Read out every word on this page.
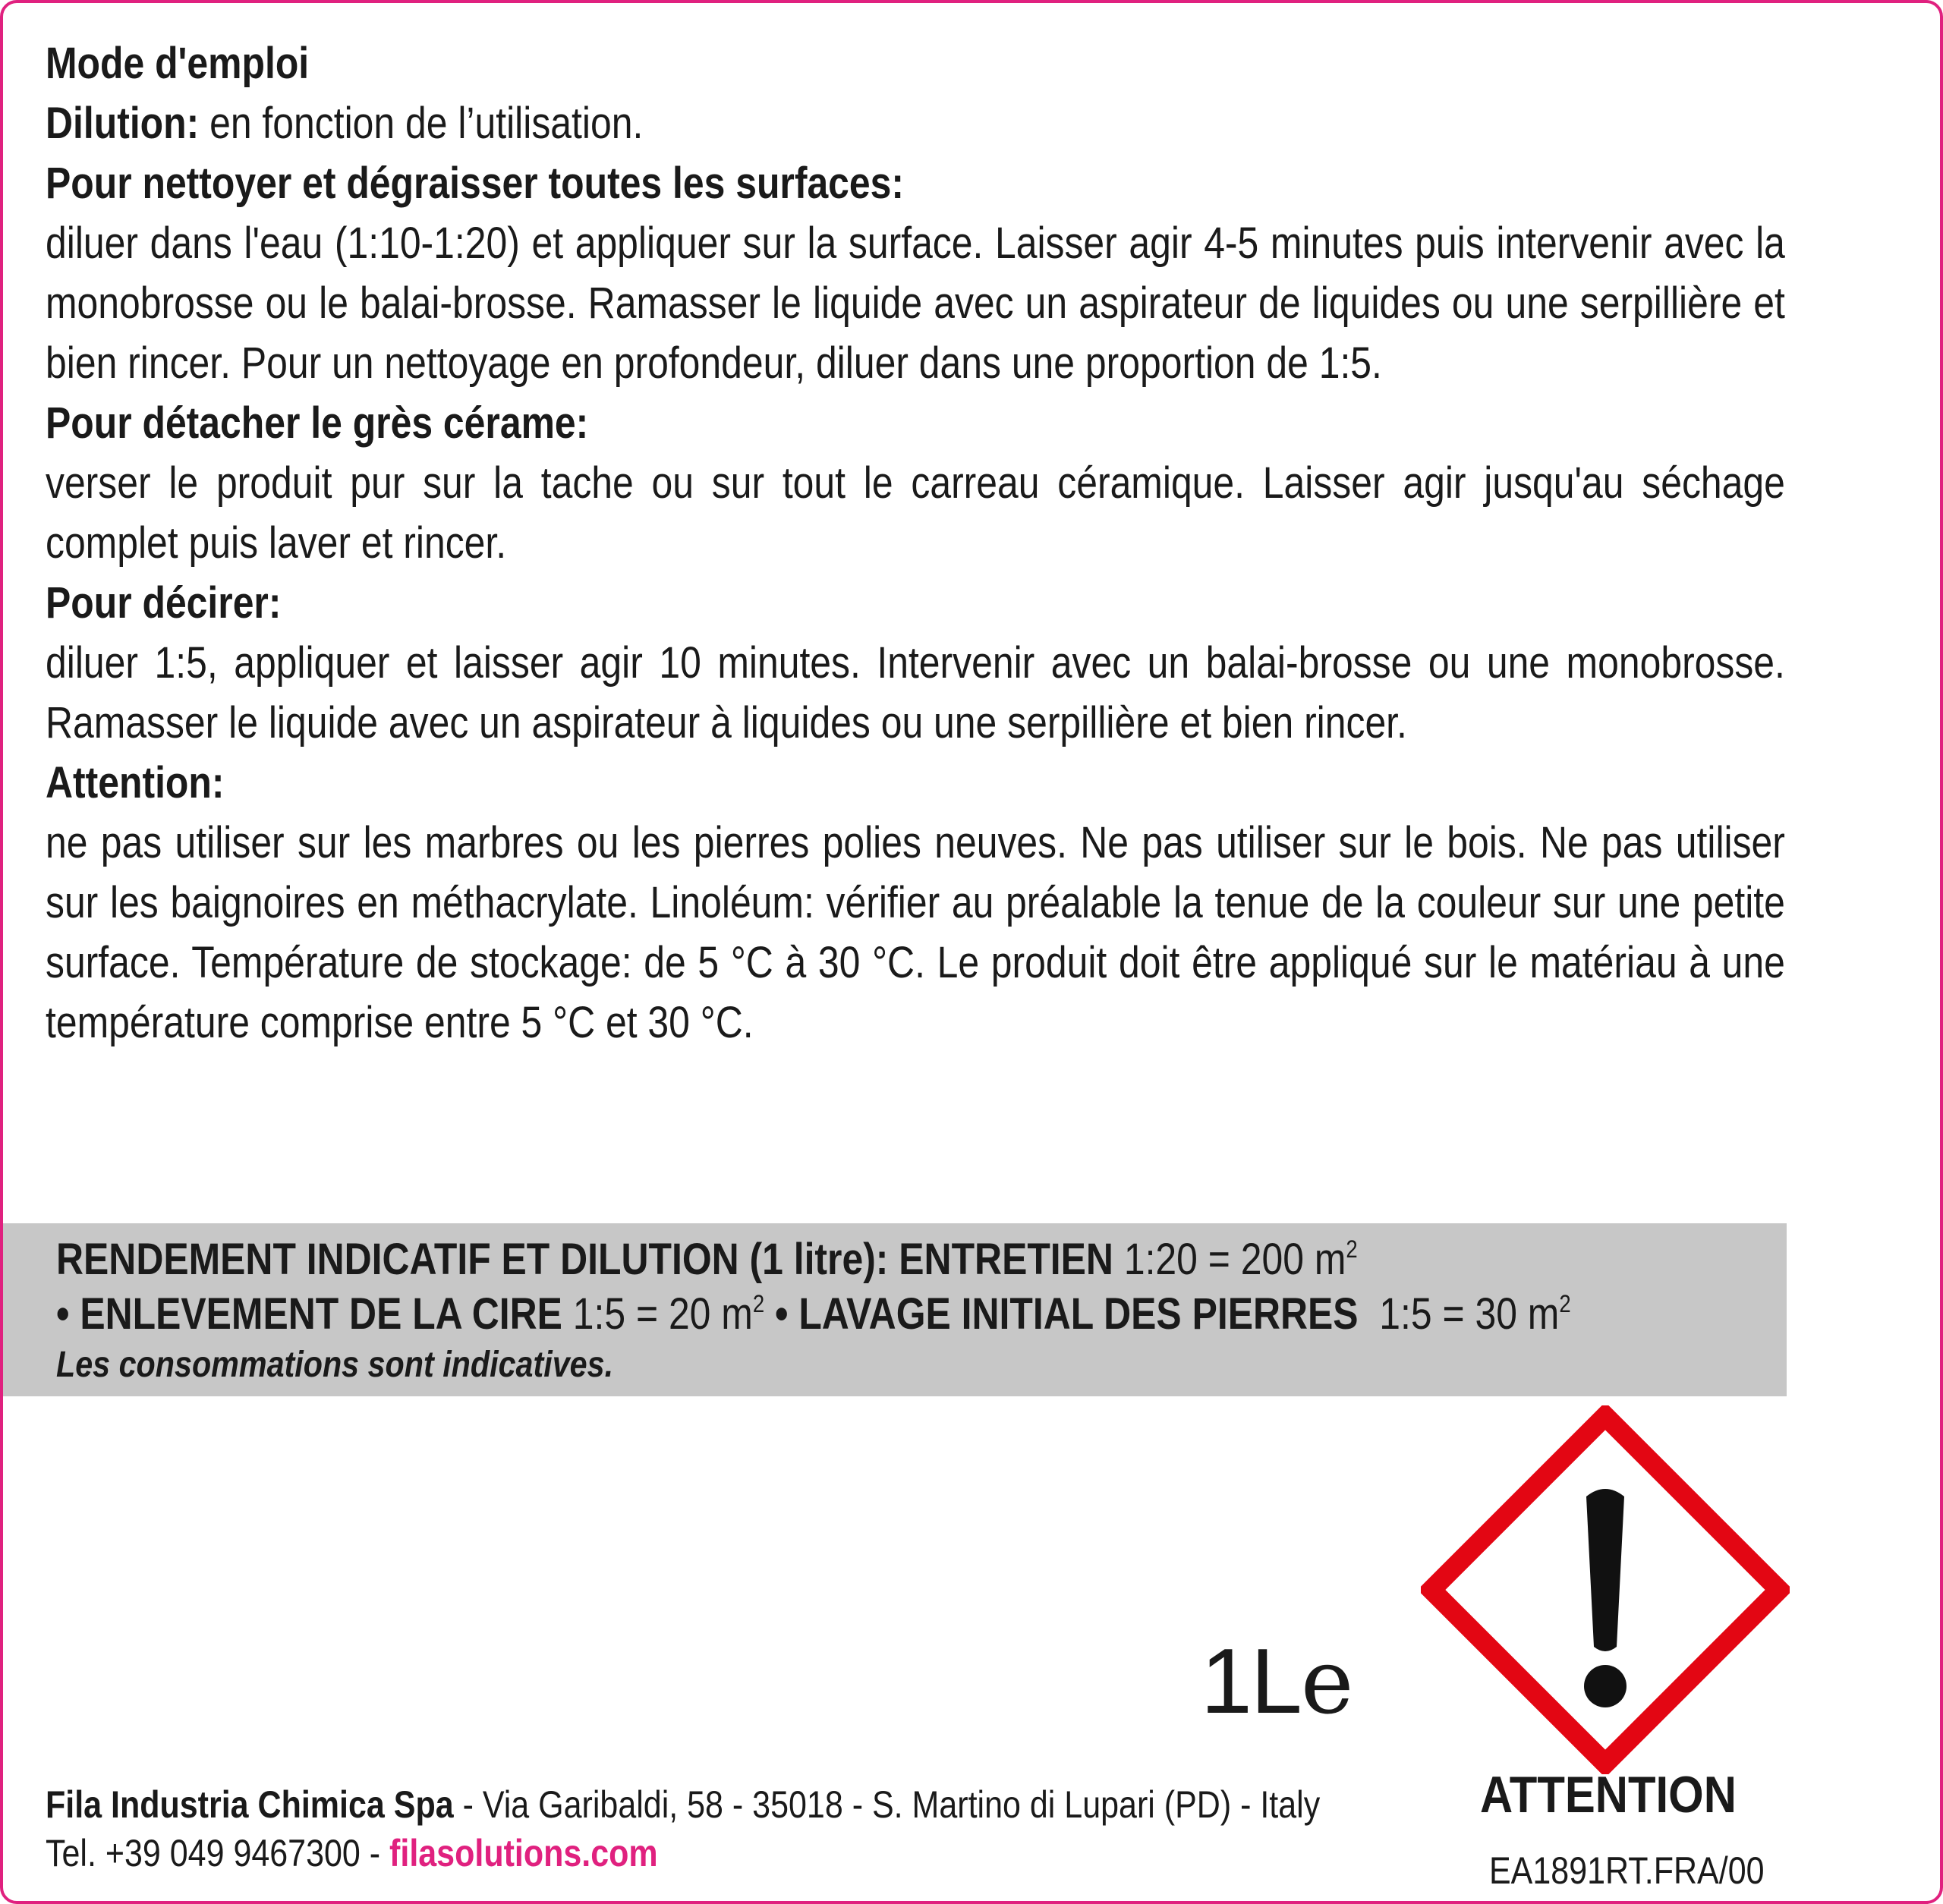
Mode d'emploi

Dilution: en fonction de l’utilisation.

Pour nettoyer et dégraisser toutes les surfaces:

diluer dans l'eau (1:10-1:20) et appliquer sur la surface. Laisser agir 4-5 minutes puis intervenir avec la monobrosse ou le balai-brosse. Ramasser le liquide avec un aspirateur de liquides ou une serpillière et bien rincer. Pour un nettoyage en profondeur, diluer dans une proportion de 1:5.

Pour détacher le grès cérame:

verser le produit pur sur la tache ou sur tout le carreau céramique. Laisser agir jusqu'au séchage complet puis laver et rincer.

Pour décirer:

diluer 1:5, appliquer et laisser agir 10 minutes. Intervenir avec un balai-brosse ou une monobrosse. Ramasser le liquide avec un aspirateur à liquides ou une serpillière et bien rincer.

Attention:

ne pas utiliser sur les marbres ou les pierres polies neuves. Ne pas utiliser sur le bois. Ne pas utiliser sur les baignoires en méthacrylate. Linoléum: vérifier au préalable la tenue de la couleur sur une petite surface. Température de stockage: de 5 °C à 30 °C. Le produit doit être appliqué sur le matériau à une température comprise entre 5 °C et 30 °C.

RENDEMENT INDICATIF ET DILUTION (1 litre): ENTRETIEN 1:20 = 200 $m^2$

• ENLEVEMENT DE LA CIRE 1:5 = 20 $m^2$ • LAVAGE INITIAL DES PIERRES 1:5 = 30 $m^2$

Les consommations sont indicatives.

1Le
ATTENTION

Fila Industria Chimica Spa - Via Garibaldi, 58 - 35018 - S. Martino di Lupari (PD) - Italy

Tel. +39 049 9467300 - filasolutions.com	EA1891RT.FRA/00
